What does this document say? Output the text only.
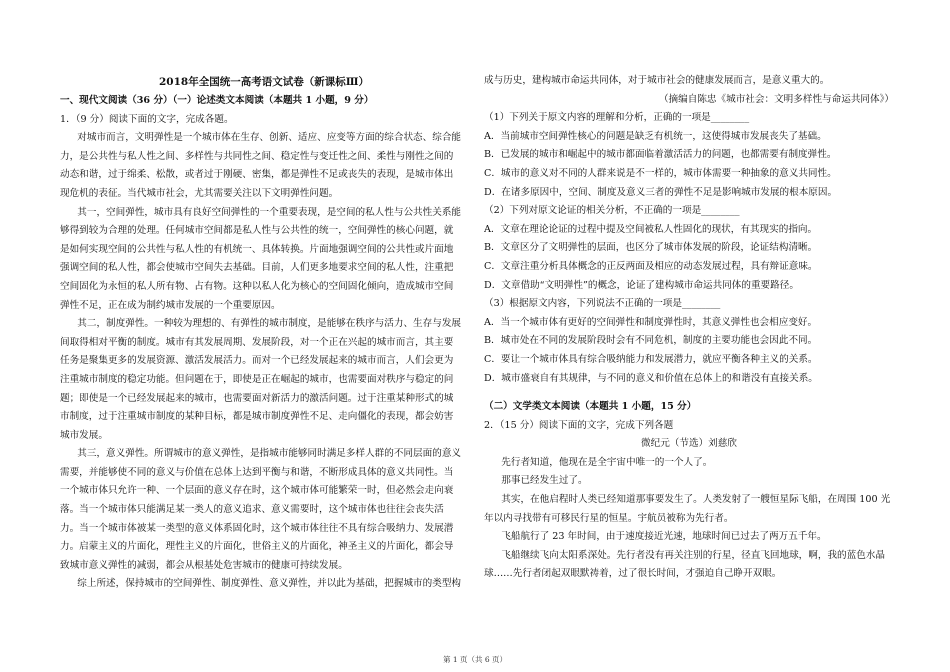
2018年全国统一高考语文试卷（新课标Ⅲ）
一、现代文阅读（36 分）（一）论述类文本阅读（本题共 1 小题，9 分）
1．（9 分）阅读下面的文字，完成各题。
对城市而言，文明弹性是一个城市体在生存、创新、适应、应变等方面的综合状态、综合能
力，是公共性与私人性之间、多样性与共同性之间、稳定性与变迁性之间、柔性与刚性之间的
动态和谐，过于绵柔、松散，或者过于刚硬、密集，都是弹性不足或丧失的表现，是城市体出
现危机的表征。当代城市社会，尤其需要关注以下文明弹性问题。
其一，空间弹性，城市具有良好空间弹性的一个重要表现，是空间的私人性与公共性关系能
够得到较为合理的处理。任何城市空间都是私人性与公共性的统一，空间弹性的核心问题，就
是如何实现空间的公共性与私人性的有机统一、具体转换。片面地强调空间的公共性或片面地
强调空间的私人性，都会使城市空间失去基础。目前，人们更多地要求空间的私人性，注重把
空间固化为永恒的私人所有物、占有物。这种以私人化为核心的空间固化倾向，造成城市空间
弹性不足，正在成为制约城市发展的一个重要原因。
其二，制度弹性。一种较为理想的、有弹性的城市制度，是能够在秩序与活力、生存与发展
间取得相对平衡的制度。城市有其发展周期、发展阶段，对一个正在兴起的城市而言，其主要
任务是聚集更多的发展资源、激活发展活力。而对一个已经发展起来的城市而言，人们会更为
注重城市制度的稳定功能。但问题在于，即使是正在崛起的城市，也需要面对秩序与稳定的问
题；即使是一个已经发展起来的城市，也需要面对新活力的激活问题。过于注重某种形式的城
市制度，过于注重城市制度的某种目标，都是城市制度弹性不足、走向僵化的表现，都会妨害
城市发展。
其三，意义弹性。所谓城市的意义弹性，是指城市能够同时满足多样人群的不同层面的意义
需要，并能够使不同的意义与价值在总体上达到平衡与和谐，不断形成具体的意义共同性。当
一个城市体只允许一种、一个层面的意义存在时，这个城市体可能繁荣一时，但必然会走向衰
落。当一个城市体只能满足某一类人的意义追求、意义需要时，这个城市体也往往会丧失活
力。当一个城市体被某一类型的意义体系固化时，这个城市体往往不具有综合吸纳力、发展潜
力。启蒙主义的片面化，理性主义的片面化，世俗主义的片面化，神圣主义的片面化，都会导
致城市意义弹性的减弱，都会从根基处危害城市的健康可持续发展。
综上所述，保持城市的空间弹性、制度弹性、意义弹性，并以此为基础，把握城市的类型构
成与历史，建构城市命运共同体，对于城市社会的健康发展而言，是意义重大的。
（摘编自陈忠《城市社会：文明多样性与命运共同体》）
（1）下列关于原文内容的理解和分析，正确的一项是________
A．当前城市空间弹性核心的问题是缺乏有机统一，这使得城市发展丧失了基础。
B．已发展的城市和崛起中的城市都面临着激活活力的问题，也都需要有制度弹性。
C．城市的意义对不同的人群来说是不一样的，城市体需要一种抽象的意义共同性。
D．在诸多原因中，空间、制度及意义三者的弹性不足是影响城市发展的根本原因。
（2）下列对原文论证的相关分析，不正确的一项是________
A．文章在理论论证的过程中提及空间被私人性固化的现状，有其现实的指向。
B．文章区分了文明弹性的层面，也区分了城市体发展的阶段，论证结构清晰。
C．文章注重分析具体概念的正反两面及相应的动态发展过程，具有辩证意味。
D．文章借助“文明弹性”的概念，论证了建构城市命运共同体的重要路径。
（3）根据原文内容，下列说法不正确的一项是________
A．当一个城市体有更好的空间弹性和制度弹性时，其意义弹性也会相应变好。
B．城市处在不同的发展阶段时会有不同危机，制度的主要功能也会因此不同。
C．要让一个城市体具有综合吸纳能力和发展潜力，就应平衡各种主义的关系。
D．城市盛衰自有其规律，与不同的意义和价值在总体上的和谐没有直接关系。
（二）文学类文本阅读（本题共 1 小题，15 分）
2．（15 分）阅读下面的文字，完成下列各题
微纪元（节选）刘慈欣
先行者知道，他现在是全宇宙中唯一的一个人了。
那事已经发生过了。
其实，在他启程时人类已经知道那事要发生了。人类发射了一艘恒星际飞船，在周围 100 光
年以内寻找带有可移民行星的恒星。宇航员被称为先行者。
飞船航行了 23 年时间，由于速度接近光速，地球时间已过去了两万五千年。
飞船继续飞向太阳系深处。先行者没有再关注别的行星，径直飞回地球，啊，我的蓝色水晶
球……先行者闭起双眼默祷着，过了很长时间，才强迫自己睁开双眼。
第 1 页（共 6 页）
